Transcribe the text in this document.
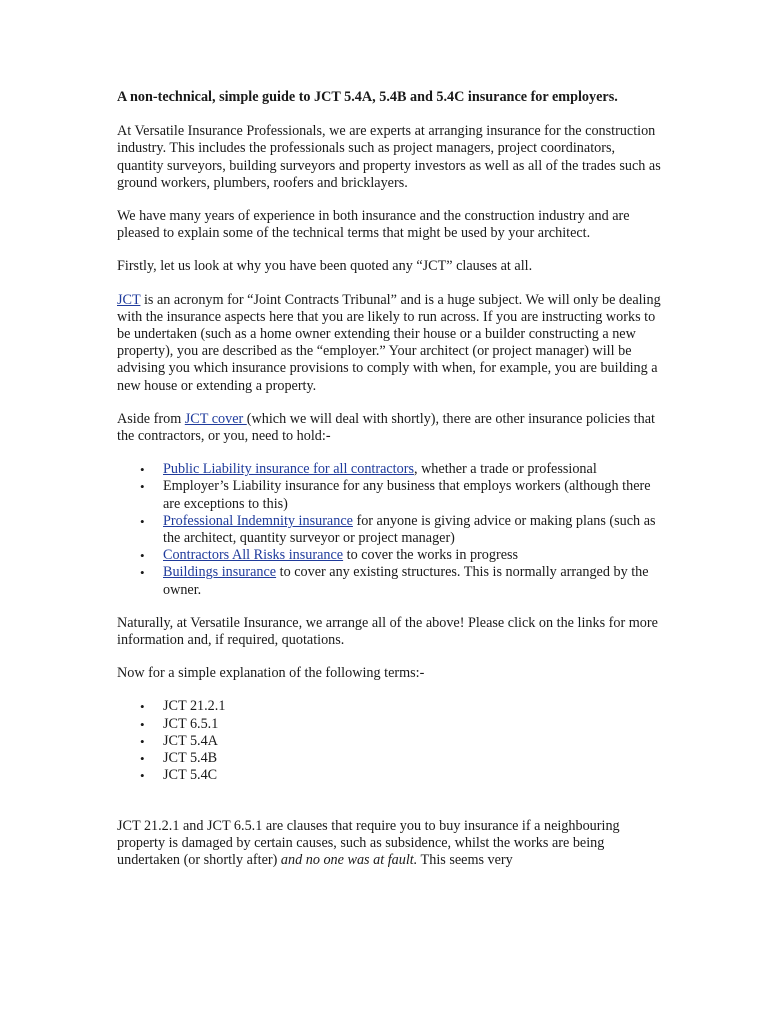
A non-technical, simple guide to JCT 5.4A, 5.4B and 5.4C insurance for employers.

At Versatile Insurance Professionals, we are experts at arranging insurance for the construction industry. This includes the professionals such as project managers, project coordinators, quantity surveyors, building surveyors and property investors as well as all of the trades such as ground workers, plumbers, roofers and bricklayers.

We have many years of experience in both insurance and the construction industry and are pleased to explain some of the technical terms that might be used by your architect.

Firstly, let us look at why you have been quoted any “JCT” clauses at all.

JCT is an acronym for “Joint Contracts Tribunal” and is a huge subject. We will only be dealing with the insurance aspects here that you are likely to run across. If you are instructing works to be undertaken (such as a home owner extending their house or a builder constructing a new property), you are described as the “employer.” Your architect (or project manager) will be advising you which insurance provisions to comply with when, for example, you are building a new house or extending a property.

Aside from JCT cover (which we will deal with shortly), there are other insurance policies that the contractors, or you, need to hold:-

• Public Liability insurance for all contractors, whether a trade or professional
• Employer’s Liability insurance for any business that employs workers (although there are exceptions to this)
• Professional Indemnity insurance for anyone is giving advice or making plans (such as the architect, quantity surveyor or project manager)
• Contractors All Risks insurance to cover the works in progress
• Buildings insurance to cover any existing structures. This is normally arranged by the owner.

Naturally, at Versatile Insurance, we arrange all of the above! Please click on the links for more information and, if required, quotations.

Now for a simple explanation of the following terms:-

• JCT 21.2.1
• JCT 6.5.1
• JCT 5.4A
• JCT 5.4B
• JCT 5.4C

JCT 21.2.1 and JCT 6.5.1 are clauses that require you to buy insurance if a neighbouring property is damaged by certain causes, such as subsidence, whilst the works are being undertaken (or shortly after) and no one was at fault. This seems very
